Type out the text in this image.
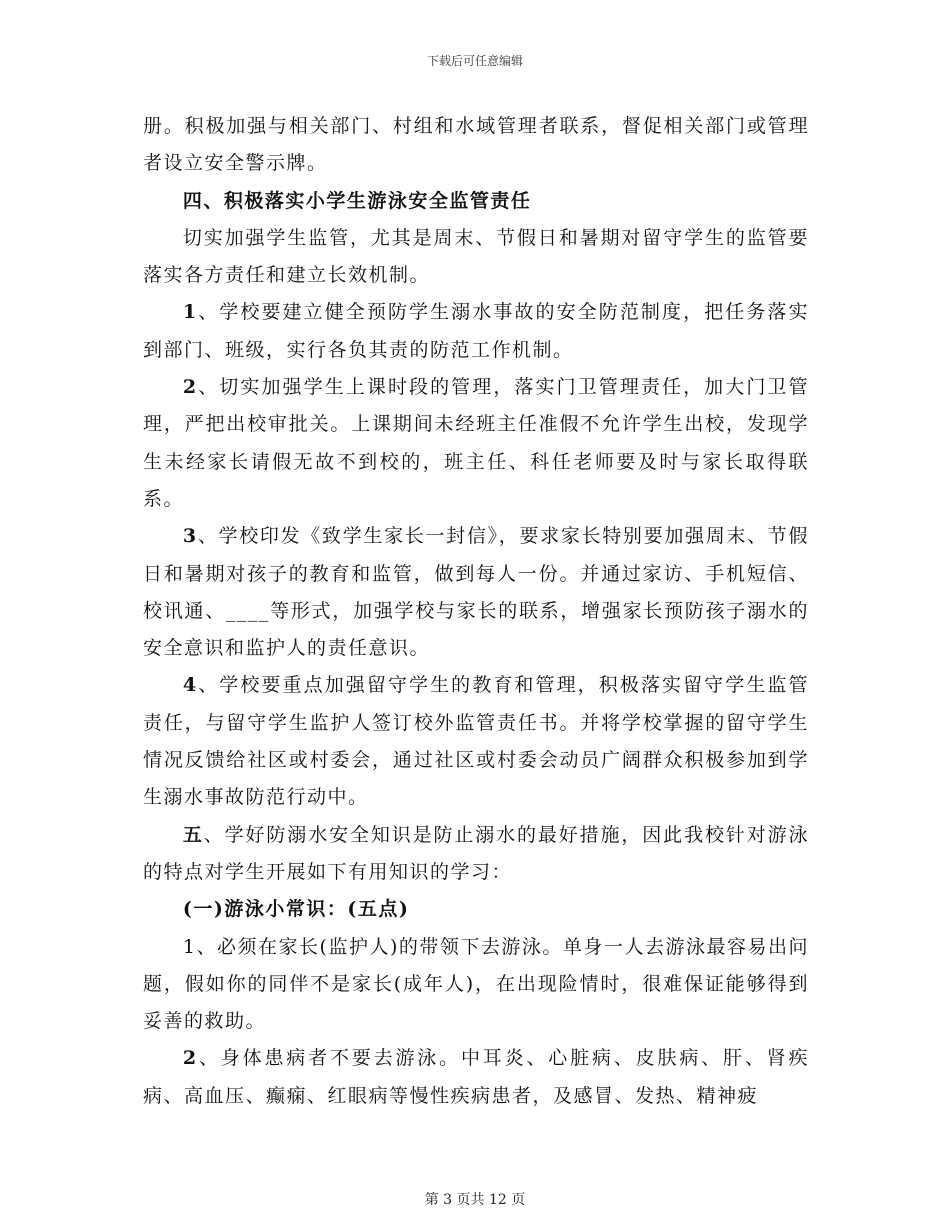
下载后可任意编辑

册。积极加强与相关部门、村组和水域管理者联系，督促相关部门或管理者设立安全警示牌。

四、积极落实小学生游泳安全监管责任

切实加强学生监管，尤其是周末、节假日和暑期对留守学生的监管要落实各方责任和建立长效机制。

1、学校要建立健全预防学生溺水事故的安全防范制度，把任务落实到部门、班级，实行各负其责的防范工作机制。

2、切实加强学生上课时段的管理，落实门卫管理责任，加大门卫管理，严把出校审批关。上课期间未经班主任准假不允许学生出校，发现学生未经家长请假无故不到校的，班主任、科任老师要及时与家长取得联系。

3、学校印发《致学生家长一封信》，要求家长特别要加强周末、节假日和暑期对孩子的教育和监管，做到每人一份。并通过家访、手机短信、校讯通、____等形式，加强学校与家长的联系，增强家长预防孩子溺水的安全意识和监护人的责任意识。

4、学校要重点加强留守学生的教育和管理，积极落实留守学生监管责任，与留守学生监护人签订校外监管责任书。并将学校掌握的留守学生情况反馈给社区或村委会，通过社区或村委会动员广阔群众积极参加到学生溺水事故防范行动中。

五、学好防溺水安全知识是防止溺水的最好措施，因此我校针对游泳的特点对学生开展如下有用知识的学习：

(一)游泳小常识：(五点)

1、必须在家长(监护人)的带领下去游泳。单身一人去游泳最容易出问题，假如你的同伴不是家长(成年人)，在出现险情时，很难保证能够得到妥善的救助。

2、身体患病者不要去游泳。中耳炎、心脏病、皮肤病、肝、肾疾病、高血压、癫痫、红眼病等慢性疾病患者，及感冒、发热、精神疲

第 3 页共 12 页
